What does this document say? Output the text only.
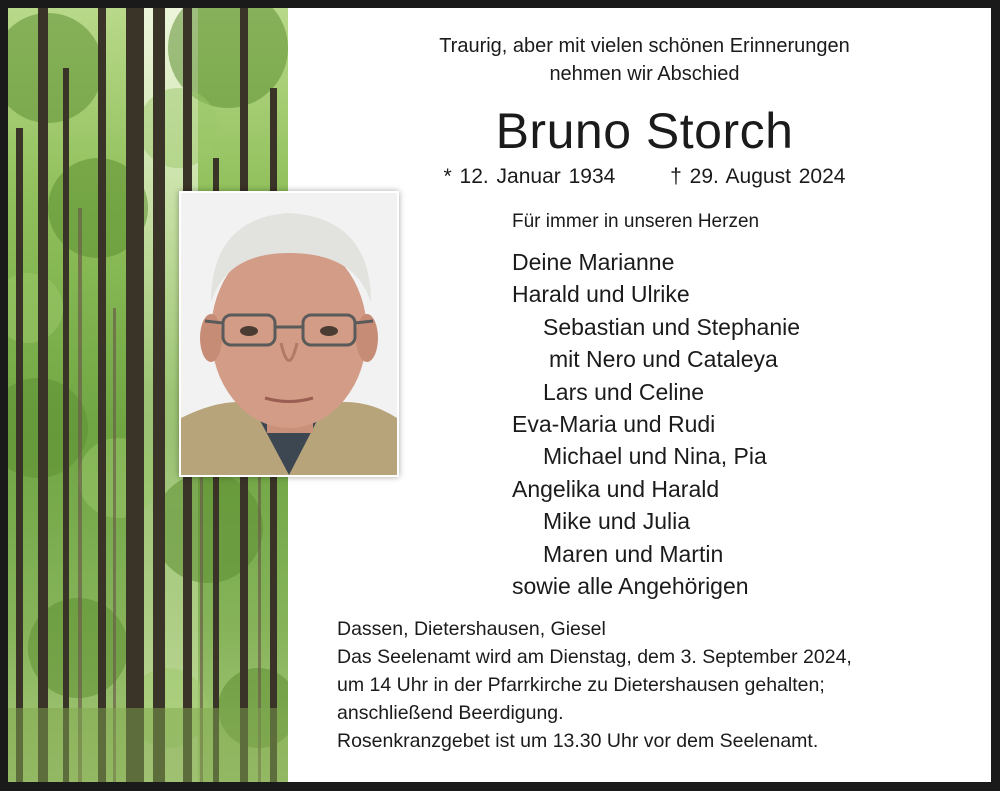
Traurig, aber mit vielen schönen Erinnerungen
nehmen wir Abschied
Bruno Storch
* 12. Januar 1934	† 29. August 2024
Für immer in unseren Herzen
Deine Marianne
Harald und Ulrike
Sebastian und Stephanie
mit Nero und Cataleya
Lars und Celine
Eva-Maria und Rudi
Michael und Nina, Pia
Angelika und Harald
Mike und Julia
Maren und Martin
sowie alle Angehörigen
Dassen, Dietershausen, Giesel
Das Seelenamt wird am Dienstag, dem 3. September 2024,
um 14 Uhr in der Pfarrkirche zu Dietershausen gehalten;
anschließend Beerdigung.
Rosenkranzgebet ist um 13.30 Uhr vor dem Seelenamt.
